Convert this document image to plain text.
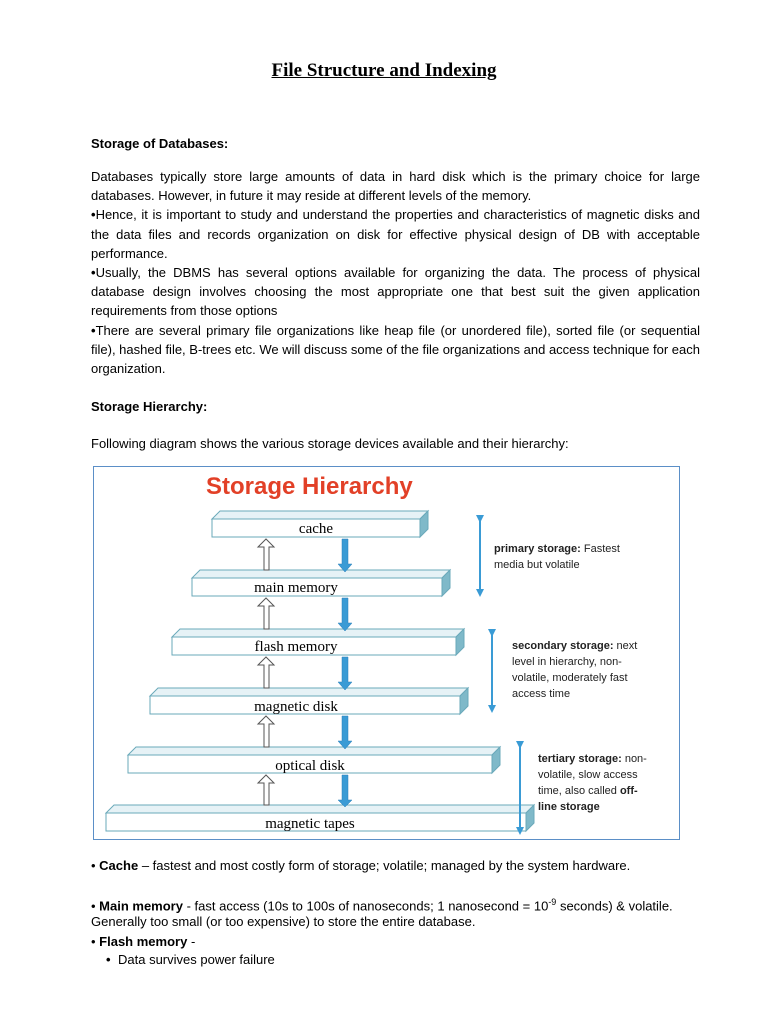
File Structure and Indexing
Storage of Databases:

Databases typically store large amounts of data in hard disk which is the primary choice for large databases. However, in future it may reside at different levels of the memory.

• Hence, it is important to study and understand the properties and characteristics of magnetic disks and the data files and records organization on disk for effective physical design of DB with acceptable performance.

• Usually, the DBMS has several options available for organizing the data. The process of physical database design involves choosing the most appropriate one that best suit the given application requirements from those options

• There are several primary file organizations like heap file (or unordered file), sorted file (or sequential file), hashed file, B-trees etc. We will discuss some of the file organizations and access technique for each organization.

Storage Hierarchy:
Following diagram shows the various storage devices available and their hierarchy:
Storage Hierarchy
cache
main memory
flash memory
magnetic disk
optical disk
magnetic tapes
primary storage: Fastest
media but volatile
secondary storage: next
level in hierarchy, non-
volatile, moderately fast
access time
tertiary storage: non-
volatile, slow access
time, also called off-
line storage
• Cache – fastest and most costly form of storage; volatile; managed by the system hardware.
• Main memory - fast access (10s to 100s of nanoseconds; 1 nanosecond = $10^{-9}$ seconds) & volatile.
Generally too small (or too expensive) to store the entire database.
• Flash memory -
• Data survives power failure
